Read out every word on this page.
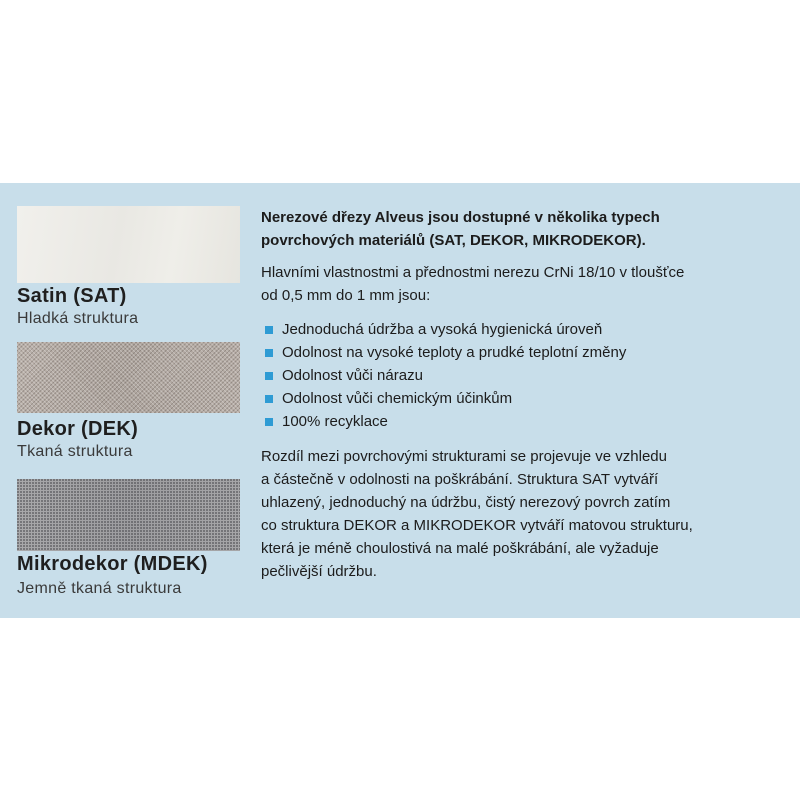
Satin (SAT)

Hladká struktura

Dekor (DEK)

Tkaná struktura

Mikrodekor (MDEK)

Jemně tkaná struktura

Nerezové dřezy Alveus jsou dostupné v několika typech
povrchových materiálů (SAT, DEKOR, MIKRODEKOR).
Hlavními vlastnostmi a přednostmi nerezu CrNi 18/10 v tloušťce
od 0,5 mm do 1 mm jsou:
Jednoduchá údržba a vysoká hygienická úroveň
Odolnost na vysoké teploty a prudké teplotní změny
Odolnost vůči nárazu
Odolnost vůči chemickým účinkům
100% recyklace
Rozdíl mezi povrchovými strukturami se projevuje ve vzhledu
a částečně v odolnosti na poškrábání. Struktura SAT vytváří
uhlazený, jednoduchý na údržbu, čistý nerezový povrch zatím
co struktura DEKOR a MIKRODEKOR vytváří matovou strukturu,
která je méně choulostivá na malé poškrábání, ale vyžaduje
pečlivější údržbu.
